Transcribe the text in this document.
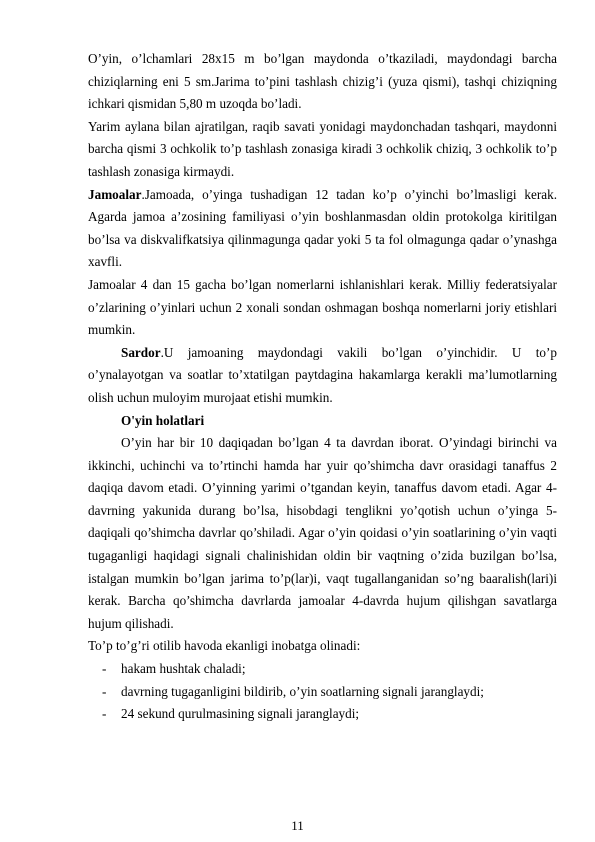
O’yin, o’lchamlari 28x15 m bo’lgan maydonda o’tkaziladi, maydondagi barcha chiziqlarning eni 5 sm.Jarima to’pini tashlash chizig’i (yuza qismi), tashqi chiziqning ichkari qismidan 5,80 m uzoqda bo’ladi.

Yarim aylana bilan ajratilgan, raqib savati yonidagi maydonchadan tashqari, maydonni barcha qismi 3 ochkolik to’p tashlash zonasiga kiradi 3 ochkolik chiziq, 3 ochkolik to’p tashlash zonasiga kirmaydi.

Jamoalar.Jamoada, o’yinga tushadigan 12 tadan ko’p o’yinchi bo’lmasligi kerak. Agarda jamoa a’zosining familiyasi o’yin boshlanmasdan oldin protokolga kiritilgan bo’lsa va diskvalifkatsiya qilinmagunga qadar yoki 5 ta fol olmagunga qadar o’ynashga xavfli.

Jamoalar 4 dan 15 gacha bo’lgan nomerlarni ishlanishlari kerak. Milliy federatsiyalar o’zlarining o’yinlari uchun 2 xonali sondan oshmagan boshqa nomerlarni joriy etishlari mumkin.

Sardor.U jamoaning maydondagi vakili bo’lgan o’yinchidir. U to’p o’ynalayotgan va soatlar to’xtatilgan paytdagina hakamlarga kerakli ma’lumotlarning olish uchun muloyim murojaat etishi mumkin.

O'yin holatlari

O’yin har bir 10 daqiqadan bo’lgan 4 ta davrdan iborat. O’yindagi birinchi va ikkinchi, uchinchi va to’rtinchi hamda har yuir qo’shimcha davr orasidagi tanaffus 2 daqiqa davom etadi. O’yinning yarimi o’tgandan keyin, tanaffus davom etadi. Agar 4-davrning yakunida durang bo’lsa, hisobdagi tenglikni yo’qotish uchun o’yinga 5-daqiqali qo’shimcha davrlar qo’shiladi. Agar o’yin qoidasi o’yin soatlarining o’yin vaqti tugaganligi haqidagi signali chalinishidan oldin bir vaqtning o’zida buzilgan bo’lsa, istalgan mumkin bo’lgan jarima to’p(lar)i, vaqt tugallanganidan so’ng baaralish(lari)i kerak. Barcha qo’shimcha davrlarda jamoalar 4-davrda hujum qilishgan savatlarga hujum qilishadi.

To’p to’g’ri otilib havoda ekanligi inobatga olinadi:

- hakam hushtak chaladi;
- davrning tugaganligini bildirib, o’yin soatlarning signali jaranglaydi;
- 24 sekund qurulmasining signali jaranglaydi;
11
